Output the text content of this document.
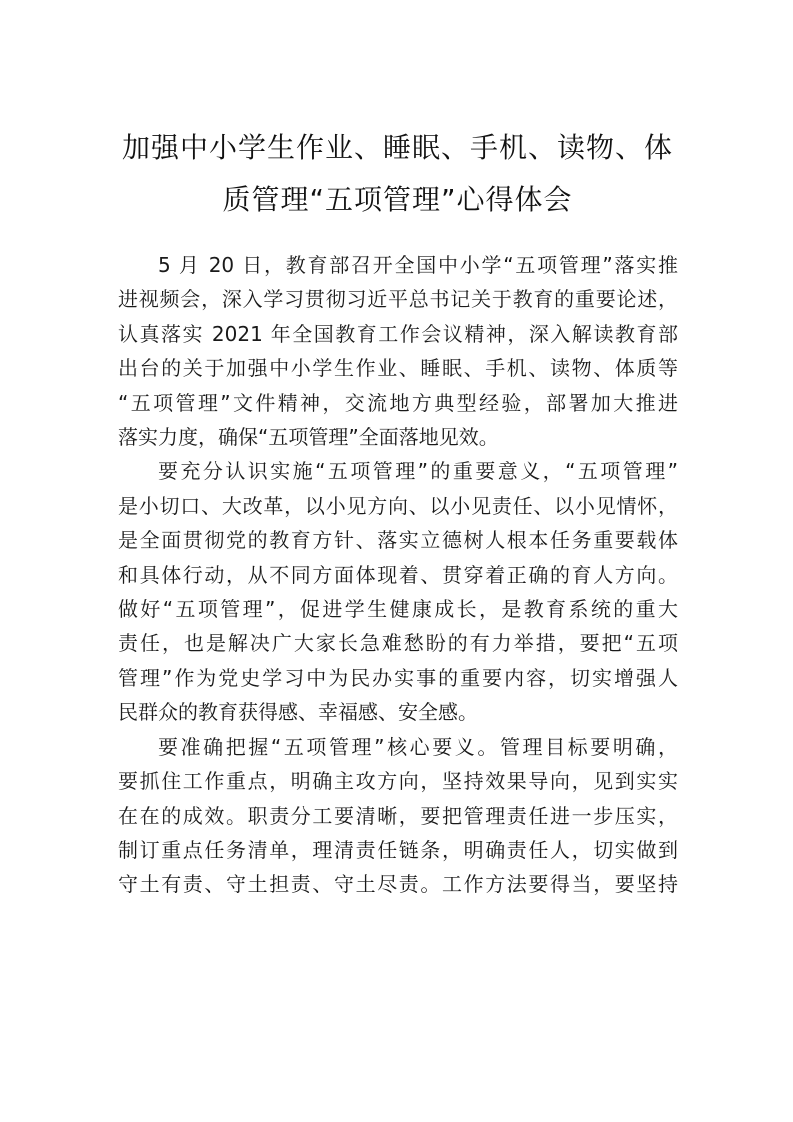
加强中小学生作业、睡眠、手机、读物、体
质管理“五项管理”心得体会

5 月 20 日，教育部召开全国中小学“五项管理”落实推
进视频会，深入学习贯彻习近平总书记关于教育的重要论述，
认真落实 2021 年全国教育工作会议精神，深入解读教育部
出台的关于加强中小学生作业、睡眠、手机、读物、体质等
“五项管理”文件精神，交流地方典型经验，部署加大推进
落实力度，确保“五项管理”全面落地见效。

要充分认识实施“五项管理”的重要意义，“五项管理”
是小切口、大改革，以小见方向、以小见责任、以小见情怀，
是全面贯彻党的教育方针、落实立德树人根本任务重要载体
和具体行动，从不同方面体现着、贯穿着正确的育人方向。
做好“五项管理”，促进学生健康成长，是教育系统的重大
责任，也是解决广大家长急难愁盼的有力举措，要把“五项
管理”作为党史学习中为民办实事的重要内容，切实增强人
民群众的教育获得感、幸福感、安全感。

要准确把握“五项管理”核心要义。管理目标要明确，
要抓住工作重点，明确主攻方向，坚持效果导向，见到实实
在在的成效。职责分工要清晰，要把管理责任进一步压实，
制订重点任务清单，理清责任链条，明确责任人，切实做到
守土有责、守土担责、守土尽责。工作方法要得当，要坚持
